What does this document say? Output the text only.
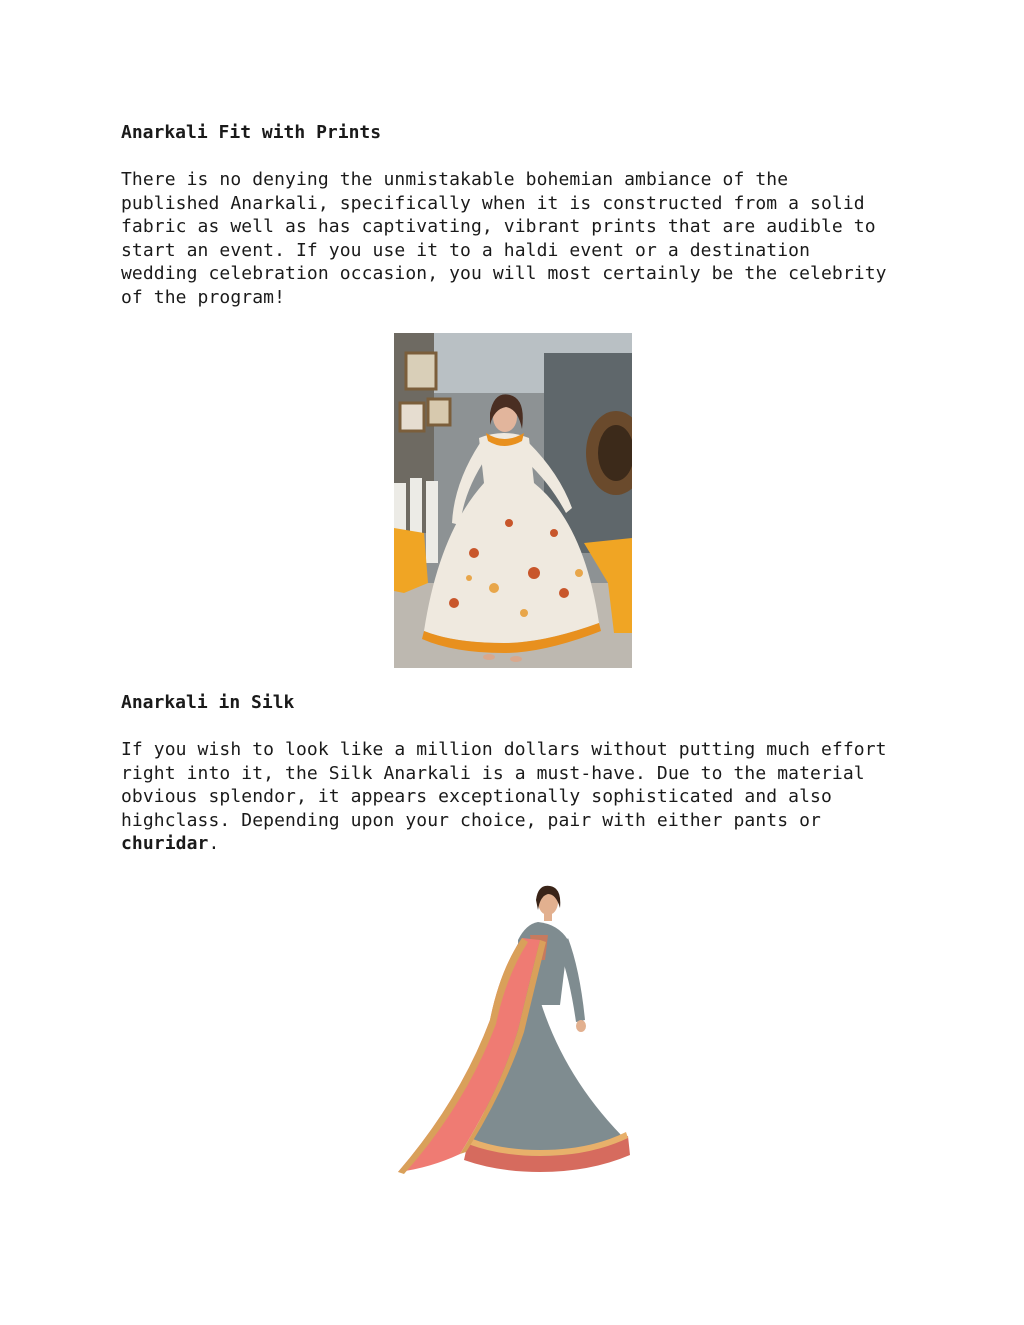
Anarkali Fit with Prints

There is no denying the unmistakable bohemian ambiance of the
published Anarkali, specifically when it is constructed from a solid
fabric as well as has captivating, vibrant prints that are audible to
start an event. If you use it to a haldi event or a destination
wedding celebration occasion, you will most certainly be the celebrity
of the program!

Anarkali in Silk

If you wish to look like a million dollars without putting much effort
right into it, the Silk Anarkali is a must-have. Due to the material
obvious splendor, it appears exceptionally sophisticated and also
highclass. Depending upon your choice, pair with either pants or
churidar.
